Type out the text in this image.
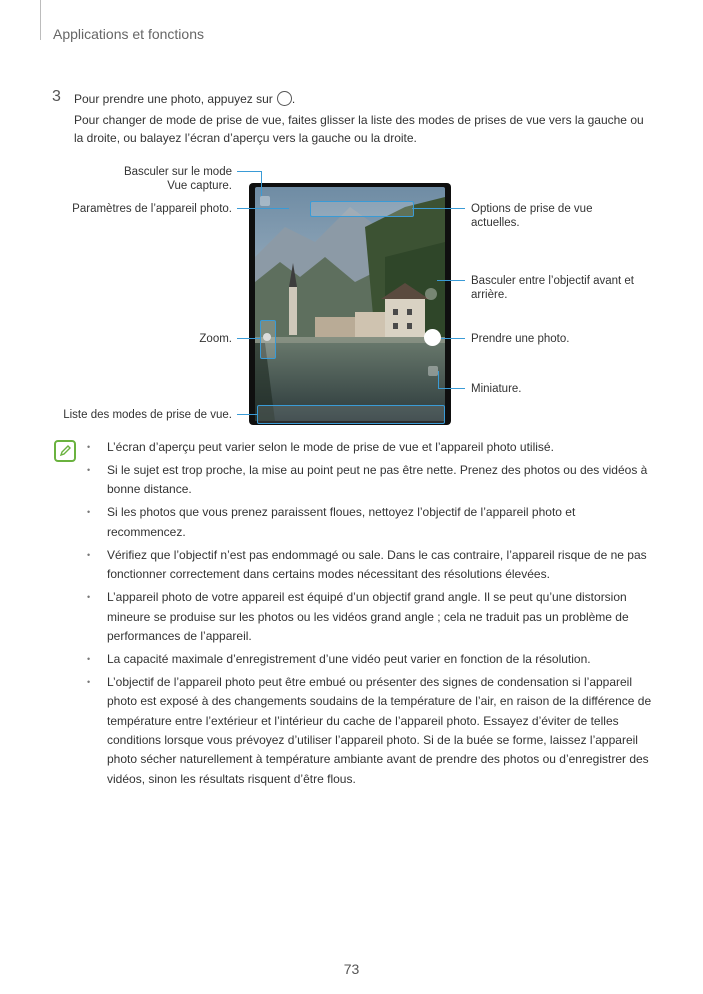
Applications et fonctions
3 Pour prendre une photo, appuyez sur .
Pour changer de mode de prise de vue, faites glisser la liste des modes de prises de vue vers la gauche ou la droite, ou balayez l’écran d’aperçu vers la gauche ou la droite.
Basculer sur le mode Vue capture.
Paramètres de l’appareil photo.
Zoom.
Liste des modes de prise de vue.
Options de prise de vue actuelles.
Basculer entre l’objectif avant et arrière.
Prendre une photo.
Miniature.
• L’écran d’aperçu peut varier selon le mode de prise de vue et l’appareil photo utilisé.
• Si le sujet est trop proche, la mise au point peut ne pas être nette. Prenez des photos ou des vidéos à bonne distance.
• Si les photos que vous prenez paraissent floues, nettoyez l’objectif de l’appareil photo et recommencez.
• Vérifiez que l’objectif n’est pas endommagé ou sale. Dans le cas contraire, l’appareil risque de ne pas fonctionner correctement dans certains modes nécessitant des résolutions élevées.
• L’appareil photo de votre appareil est équipé d’un objectif grand angle. Il se peut qu’une distorsion mineure se produise sur les photos ou les vidéos grand angle ; cela ne traduit pas un problème de performances de l’appareil.
• La capacité maximale d’enregistrement d’une vidéo peut varier en fonction de la résolution.
• L’objectif de l’appareil photo peut être embué ou présenter des signes de condensation si l’appareil photo est exposé à des changements soudains de la température de l’air, en raison de la différence de température entre l’extérieur et l’intérieur du cache de l’appareil photo. Essayez d’éviter de telles conditions lorsque vous prévoyez d’utiliser l’appareil photo. Si de la buée se forme, laissez l’appareil photo sécher naturellement à température ambiante avant de prendre des photos ou d’enregistrer des vidéos, sinon les résultats risquent d’être flous.
73
